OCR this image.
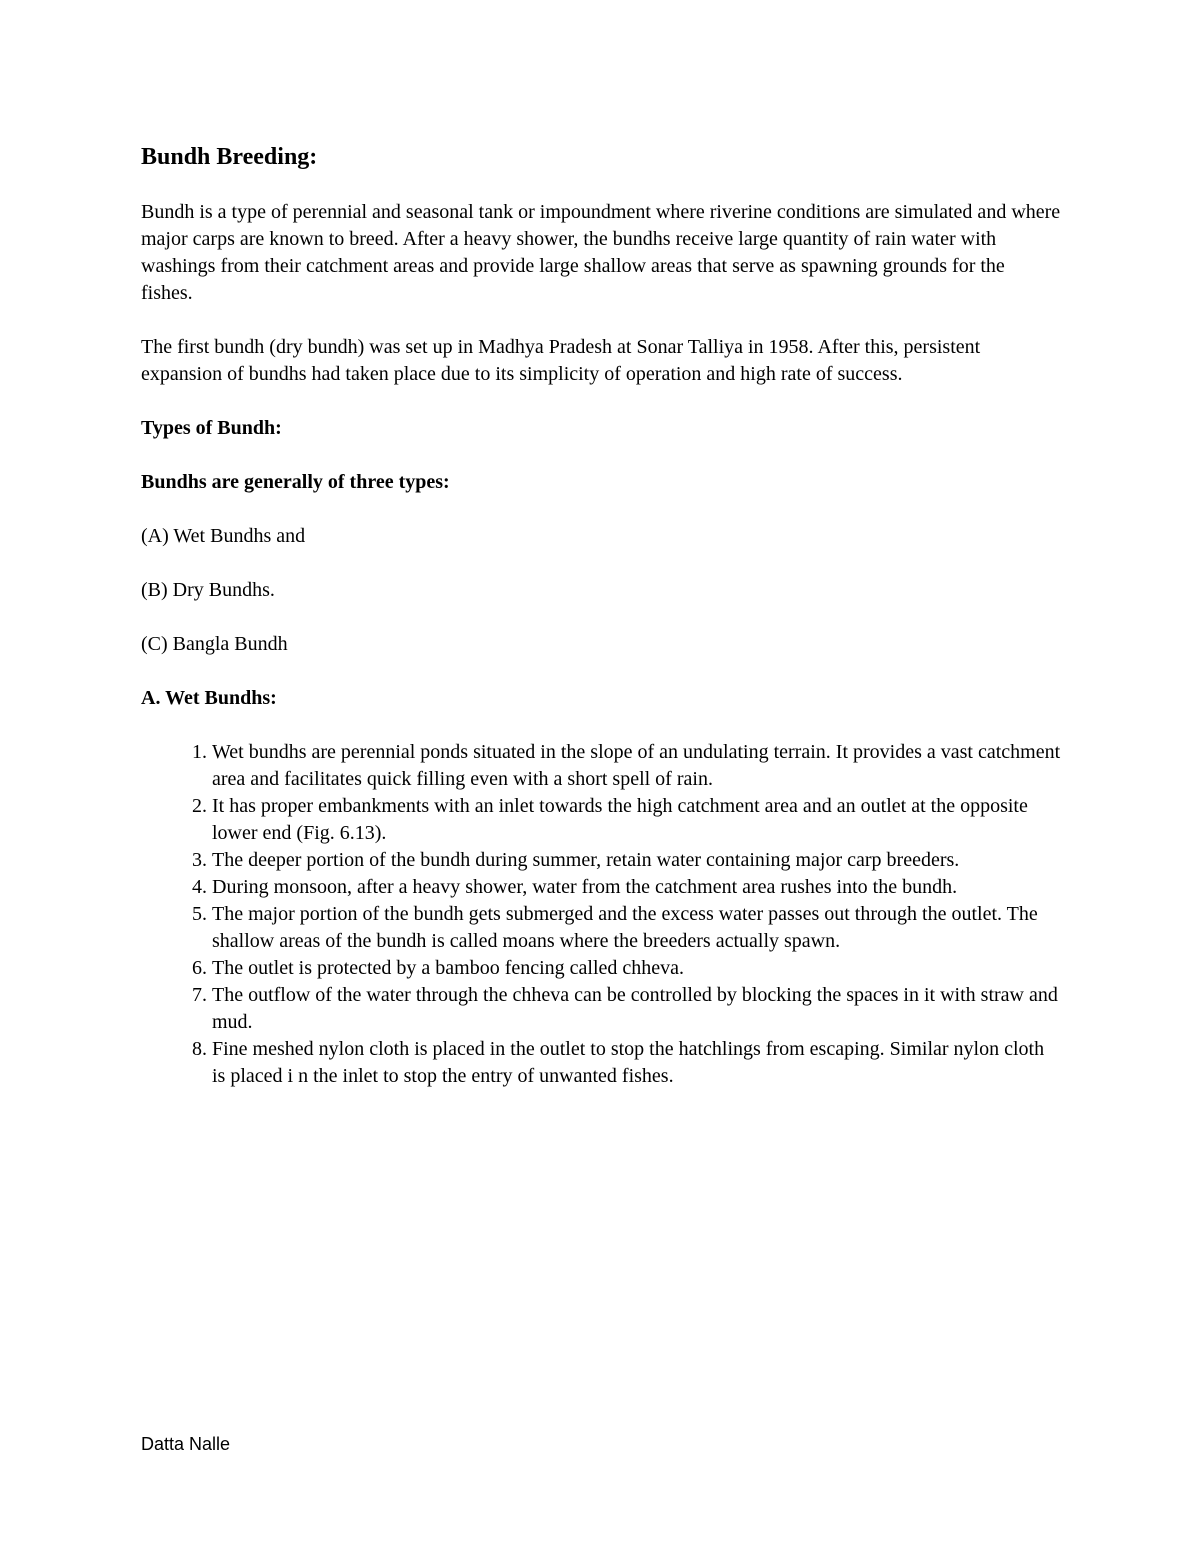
Bundh Breeding:
Bundh is a type of perennial and seasonal tank or impoundment where riverine conditions are simulated and where major carps are known to breed. After a heavy shower, the bundhs receive large quantity of rain water with washings from their catchment areas and provide large shallow areas that serve as spawning grounds for the fishes.
The first bundh (dry bundh) was set up in Madhya Pradesh at Sonar Talliya in 1958. After this, persistent expansion of bundhs had taken place due to its simplicity of operation and high rate of success.
Types of Bundh:
Bundhs are generally of three types:
(A) Wet Bundhs and
(B) Dry Bundhs.
(C) Bangla Bundh
A. Wet Bundhs:
1. Wet bundhs are perennial ponds situated in the slope of an undulating terrain. It provides a vast catchment area and facilitates quick filling even with a short spell of rain.
2. It has proper embankments with an inlet towards the high catchment area and an outlet at the opposite lower end (Fig. 6.13).
3. The deeper portion of the bundh during summer, retain water containing major carp breeders.
4. During monsoon, after a heavy shower, water from the catchment area rushes into the bundh.
5. The major portion of the bundh gets submerged and the excess water passes out through the outlet. The shallow areas of the bundh is called moans where the breeders actually spawn.
6. The outlet is protected by a bamboo fencing called chheva.
7. The outflow of the water through the chheva can be controlled by blocking the spaces in it with straw and mud.
8. Fine meshed nylon cloth is placed in the outlet to stop the hatchlings from escaping. Similar nylon cloth is placed i n the inlet to stop the entry of unwanted fishes.
Datta Nalle
